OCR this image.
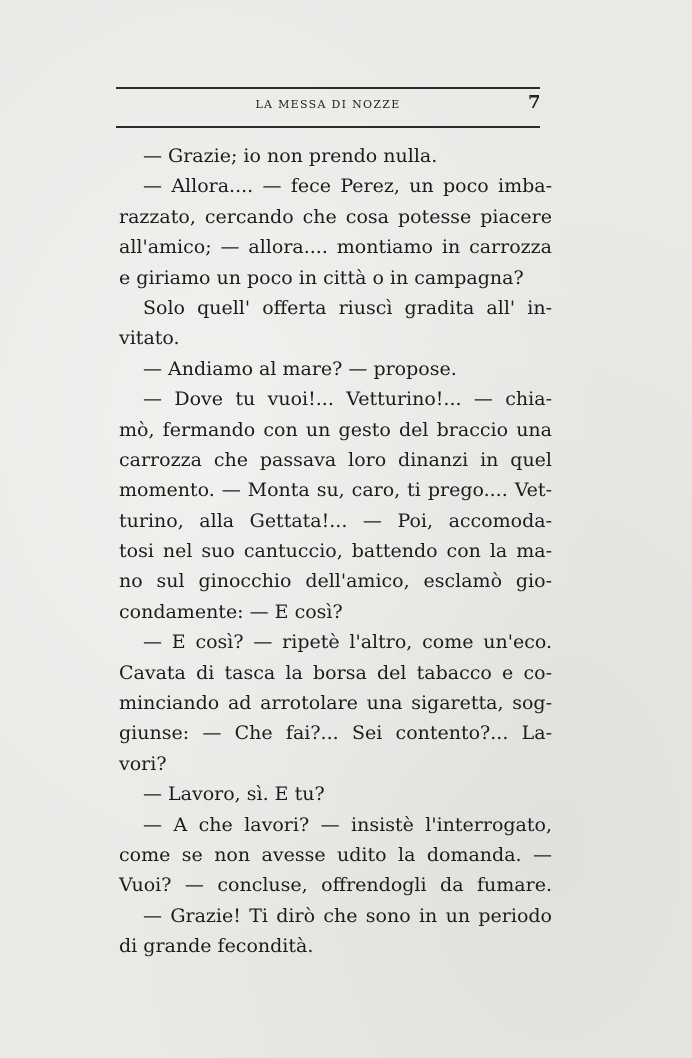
LA MESSA DI NOZZE	7
— Grazie; io non prendo nulla.
— Allora.... — fece Perez, un poco imba-
razzato, cercando che cosa potesse piacere
all'amico; — allora.... montiamo in carrozza
e giriamo un poco in città o in campagna?
Solo quell' offerta riuscì gradita all' in-
vitato.
— Andiamo al mare? — propose.
— Dove tu vuoi!... Vetturino!... — chia-
mò, fermando con un gesto del braccio una
carrozza che passava loro dinanzi in quel
momento. — Monta su, caro, ti prego.... Vet-
turino, alla Gettata!... — Poi, accomoda-
tosi nel suo cantuccio, battendo con la ma-
no sul ginocchio dell'amico, esclamò gio-
condamente: — E così?
— E così? — ripetè l'altro, come un'eco.
Cavata di tasca la borsa del tabacco e co-
minciando ad arrotolare una sigaretta, sog-
giunse: — Che fai?... Sei contento?... La-
vori?
— Lavoro, sì. E tu?
— A che lavori? — insistè l'interrogato,
come se non avesse udito la domanda. —
Vuoi? — concluse, offrendogli da fumare.
— Grazie! Ti dirò che sono in un periodo
di grande fecondità.
